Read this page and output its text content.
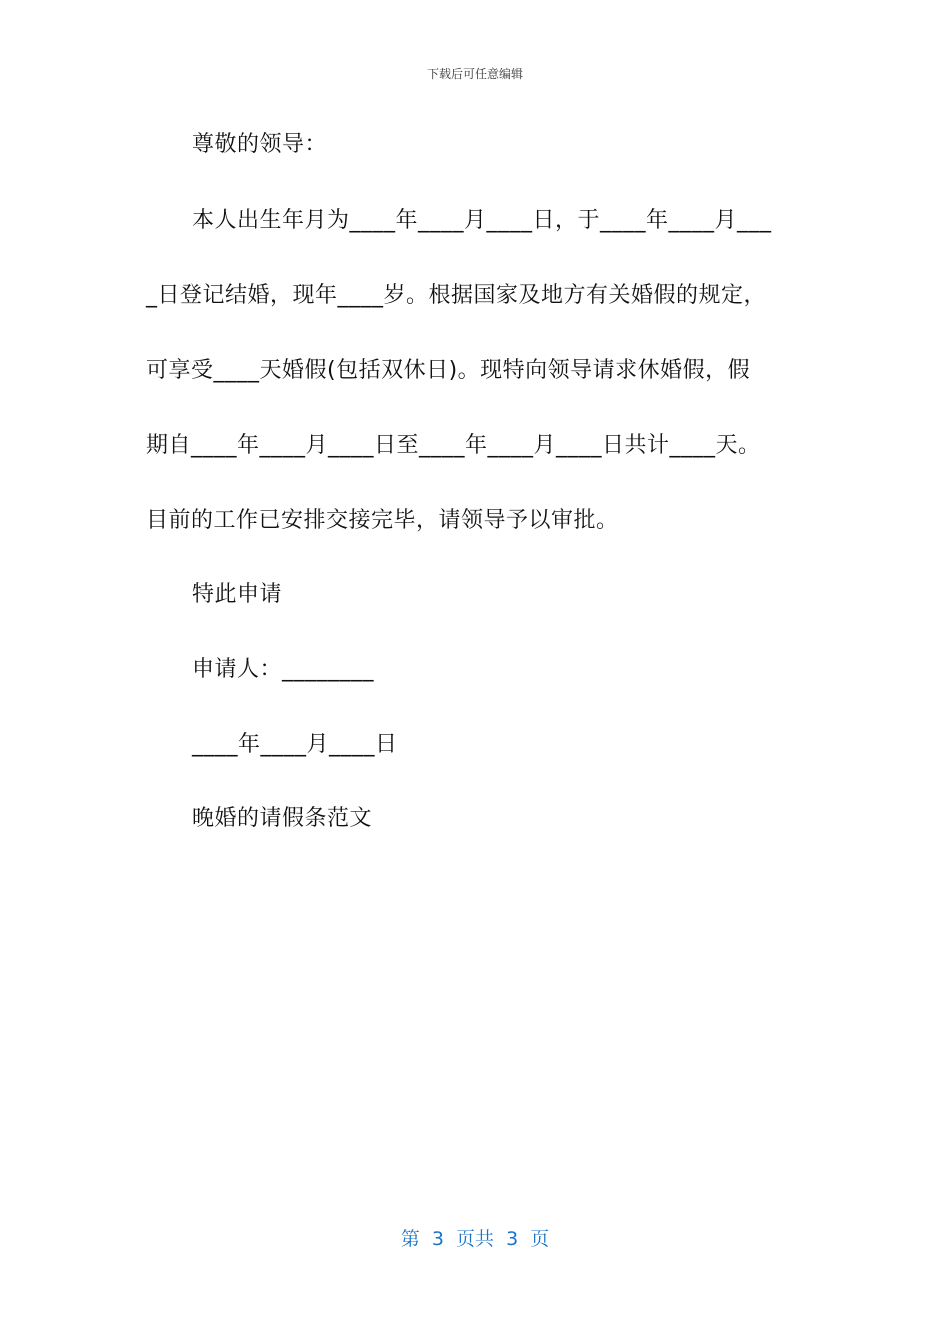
下载后可任意编辑
尊敬的领导：
本人出生年月为____年____月____日，于____年____月___
_日登记结婚，现年____岁。根据国家及地方有关婚假的规定，
可享受____天婚假(包括双休日)。现特向领导请求休婚假，假
期自____年____月____日至____年____月____日共计____天。
目前的工作已安排交接完毕，请领导予以审批。
特此申请
申请人：________
____年____月____日
晚婚的请假条范文
第  3  页共  3  页
